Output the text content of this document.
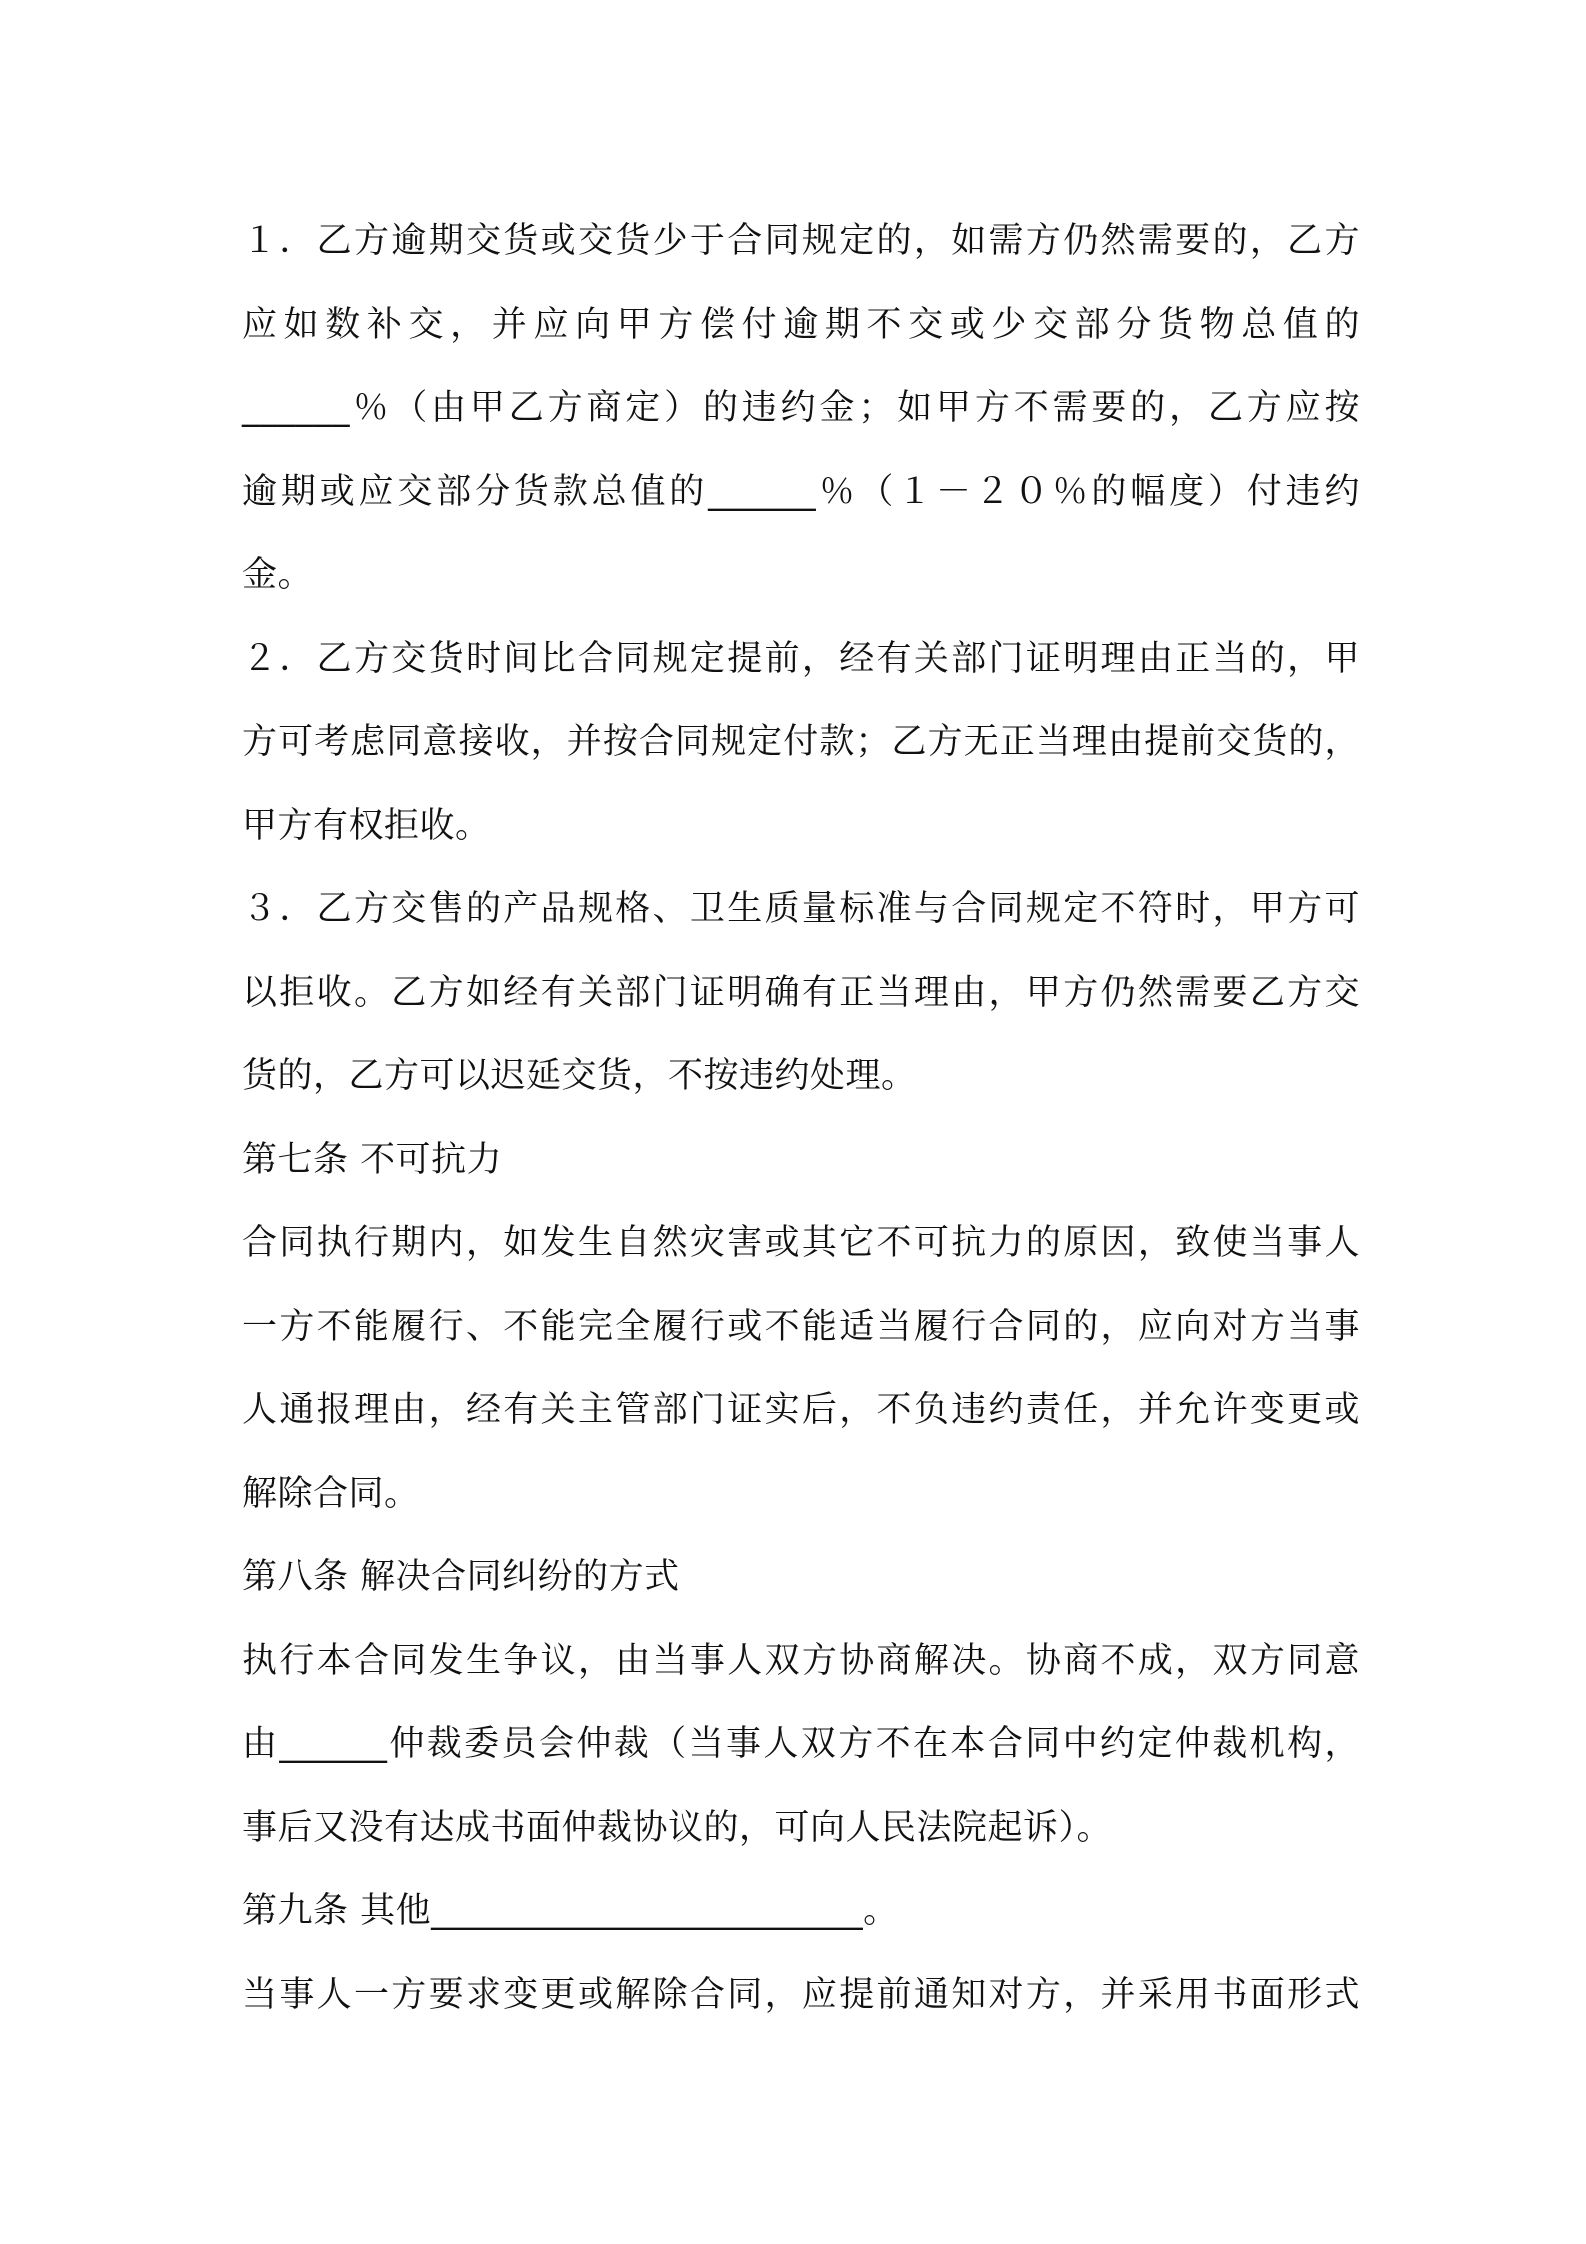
１．乙方逾期交货或交货少于合同规定的，如需方仍然需要的，乙方
应如数补交，并应向甲方偿付逾期不交或少交部分货物总值的
______％（由甲乙方商定）的违约金；如甲方不需要的，乙方应按
逾期或应交部分货款总值的______％（１－２０％的幅度）付违约
金。
２．乙方交货时间比合同规定提前，经有关部门证明理由正当的，甲
方可考虑同意接收，并按合同规定付款；乙方无正当理由提前交货的，
甲方有权拒收。
３．乙方交售的产品规格、卫生质量标准与合同规定不符时，甲方可
以拒收。乙方如经有关部门证明确有正当理由，甲方仍然需要乙方交
货的，乙方可以迟延交货，不按违约处理。
第七条 不可抗力
合同执行期内，如发生自然灾害或其它不可抗力的原因，致使当事人
一方不能履行、不能完全履行或不能适当履行合同的，应向对方当事
人通报理由，经有关主管部门证实后，不负违约责任，并允许变更或
解除合同。
第八条 解决合同纠纷的方式
执行本合同发生争议，由当事人双方协商解决。协商不成，双方同意
由______仲裁委员会仲裁（当事人双方不在本合同中约定仲裁机构，
事后又没有达成书面仲裁协议的，可向人民法院起诉）。
第九条 其他________________________。
当事人一方要求变更或解除合同，应提前通知对方，并采用书面形式
